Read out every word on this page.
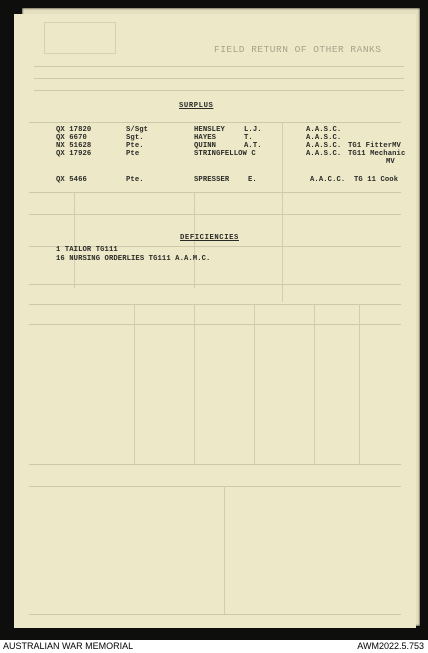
FIELD RETURN OF OTHER RANKS
SURPLUS
QX 17820	S/Sgt	HENSLEY	L.J.	A.A.S.C.
QX 6670	Sgt.	HAYES	T.	A.A.S.C.
NX 51628	Pte.	QUINN	A.T.	A.A.S.C. TG1 FitterMV
QX 17926	Pte	STRINGFELLOW C	A.A.S.C. TG11 Mechanic
MV
QX 5466	Pte.	SPRESSER	E.	A.A.C.C. TG 11 Cook
DEFICIENCIES
1 TAILOR TG111
16 NURSING ORDERLIES TG111 A.A.M.C.
AUSTRALIAN WAR MEMORIAL	AWM2022.5.753
